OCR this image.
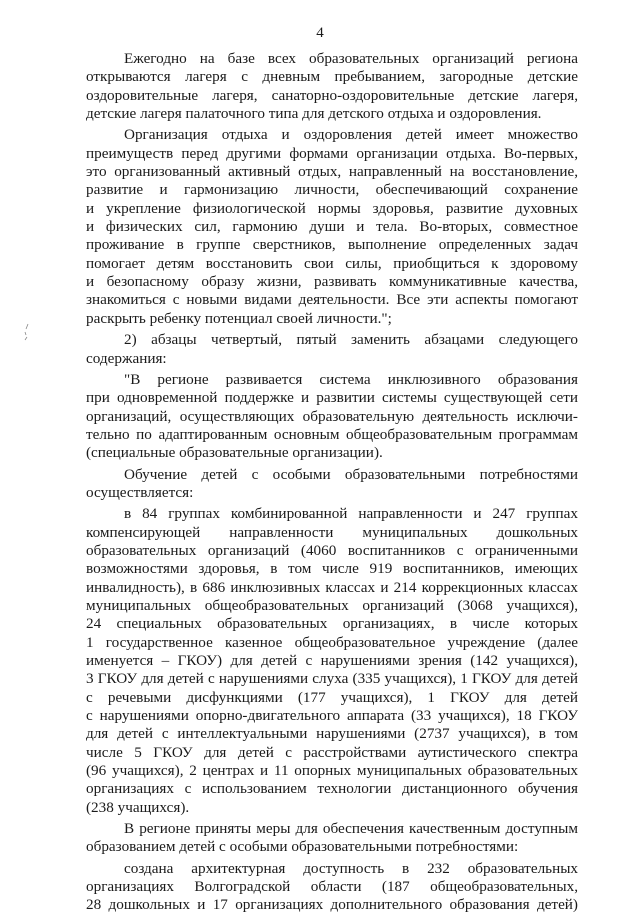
4
Ежегодно на базе всех образовательных организаций региона
открываются лагеря с дневным пребыванием, загородные детские
оздоровительные лагеря, санаторно-оздоровительные детские лагеря,
детские лагеря палаточного типа для детского отдыха и оздоровления.
Организация отдыха и оздоровления детей имеет множество
преимуществ перед другими формами организации отдыха. Во-первых,
это организованный активный отдых, направленный на восстановление,
развитие и гармонизацию личности, обеспечивающий сохранение
и укрепление физиологической нормы здоровья, развитие духовных
и физических сил, гармонию души и тела. Во-вторых, совместное
проживание в группе сверстников, выполнение определенных задач
помогает детям восстановить свои силы, приобщиться к здоровому
и безопасному образу жизни, развивать коммуникативные качества,
знакомиться с новыми видами деятельности. Все эти аспекты помогают
раскрыть ребенку потенциал своей личности.";
2) абзацы четвертый, пятый заменить абзацами следующего
содержания:
"В регионе развивается система инклюзивного образования
при одновременной поддержке и развитии системы существующей сети
организаций, осуществляющих образовательную деятельность исключи-
тельно по адаптированным основным общеобразовательным программам
(специальные образовательные организации).
Обучение детей с особыми образовательными потребностями
осуществляется:
в 84 группах комбинированной направленности и 247 группах
компенсирующей направленности муниципальных дошкольных
образовательных организаций (4060 воспитанников с ограниченными
возможностями здоровья, в том числе 919 воспитанников, имеющих
инвалидность), в 686 инклюзивных классах и 214 коррекционных классах
муниципальных общеобразовательных организаций (3068 учащихся),
24 специальных образовательных организациях, в числе которых
1 государственное казенное общеобразовательное учреждение (далее
именуется – ГКОУ) для детей с нарушениями зрения (142 учащихся),
3 ГКОУ для детей с нарушениями слуха (335 учащихся), 1 ГКОУ для детей
с речевыми дисфункциями (177 учащихся), 1 ГКОУ для детей
с нарушениями опорно-двигательного аппарата (33 учащихся), 18 ГКОУ
для детей с интеллектуальными нарушениями (2737 учащихся), в том
числе 5 ГКОУ для детей с расстройствами аутистического спектра
(96 учащихся), 2 центрах и 11 опорных муниципальных образовательных
организациях с использованием технологии дистанционного обучения
(238 учащихся).
В регионе приняты меры для обеспечения качественным доступным
образованием детей с особыми образовательными потребностями:
создана архитектурная доступность в 232 образовательных
организациях Волгоградской области (187 общеобразовательных,
28 дошкольных и 17 организациях дополнительного образования детей)
